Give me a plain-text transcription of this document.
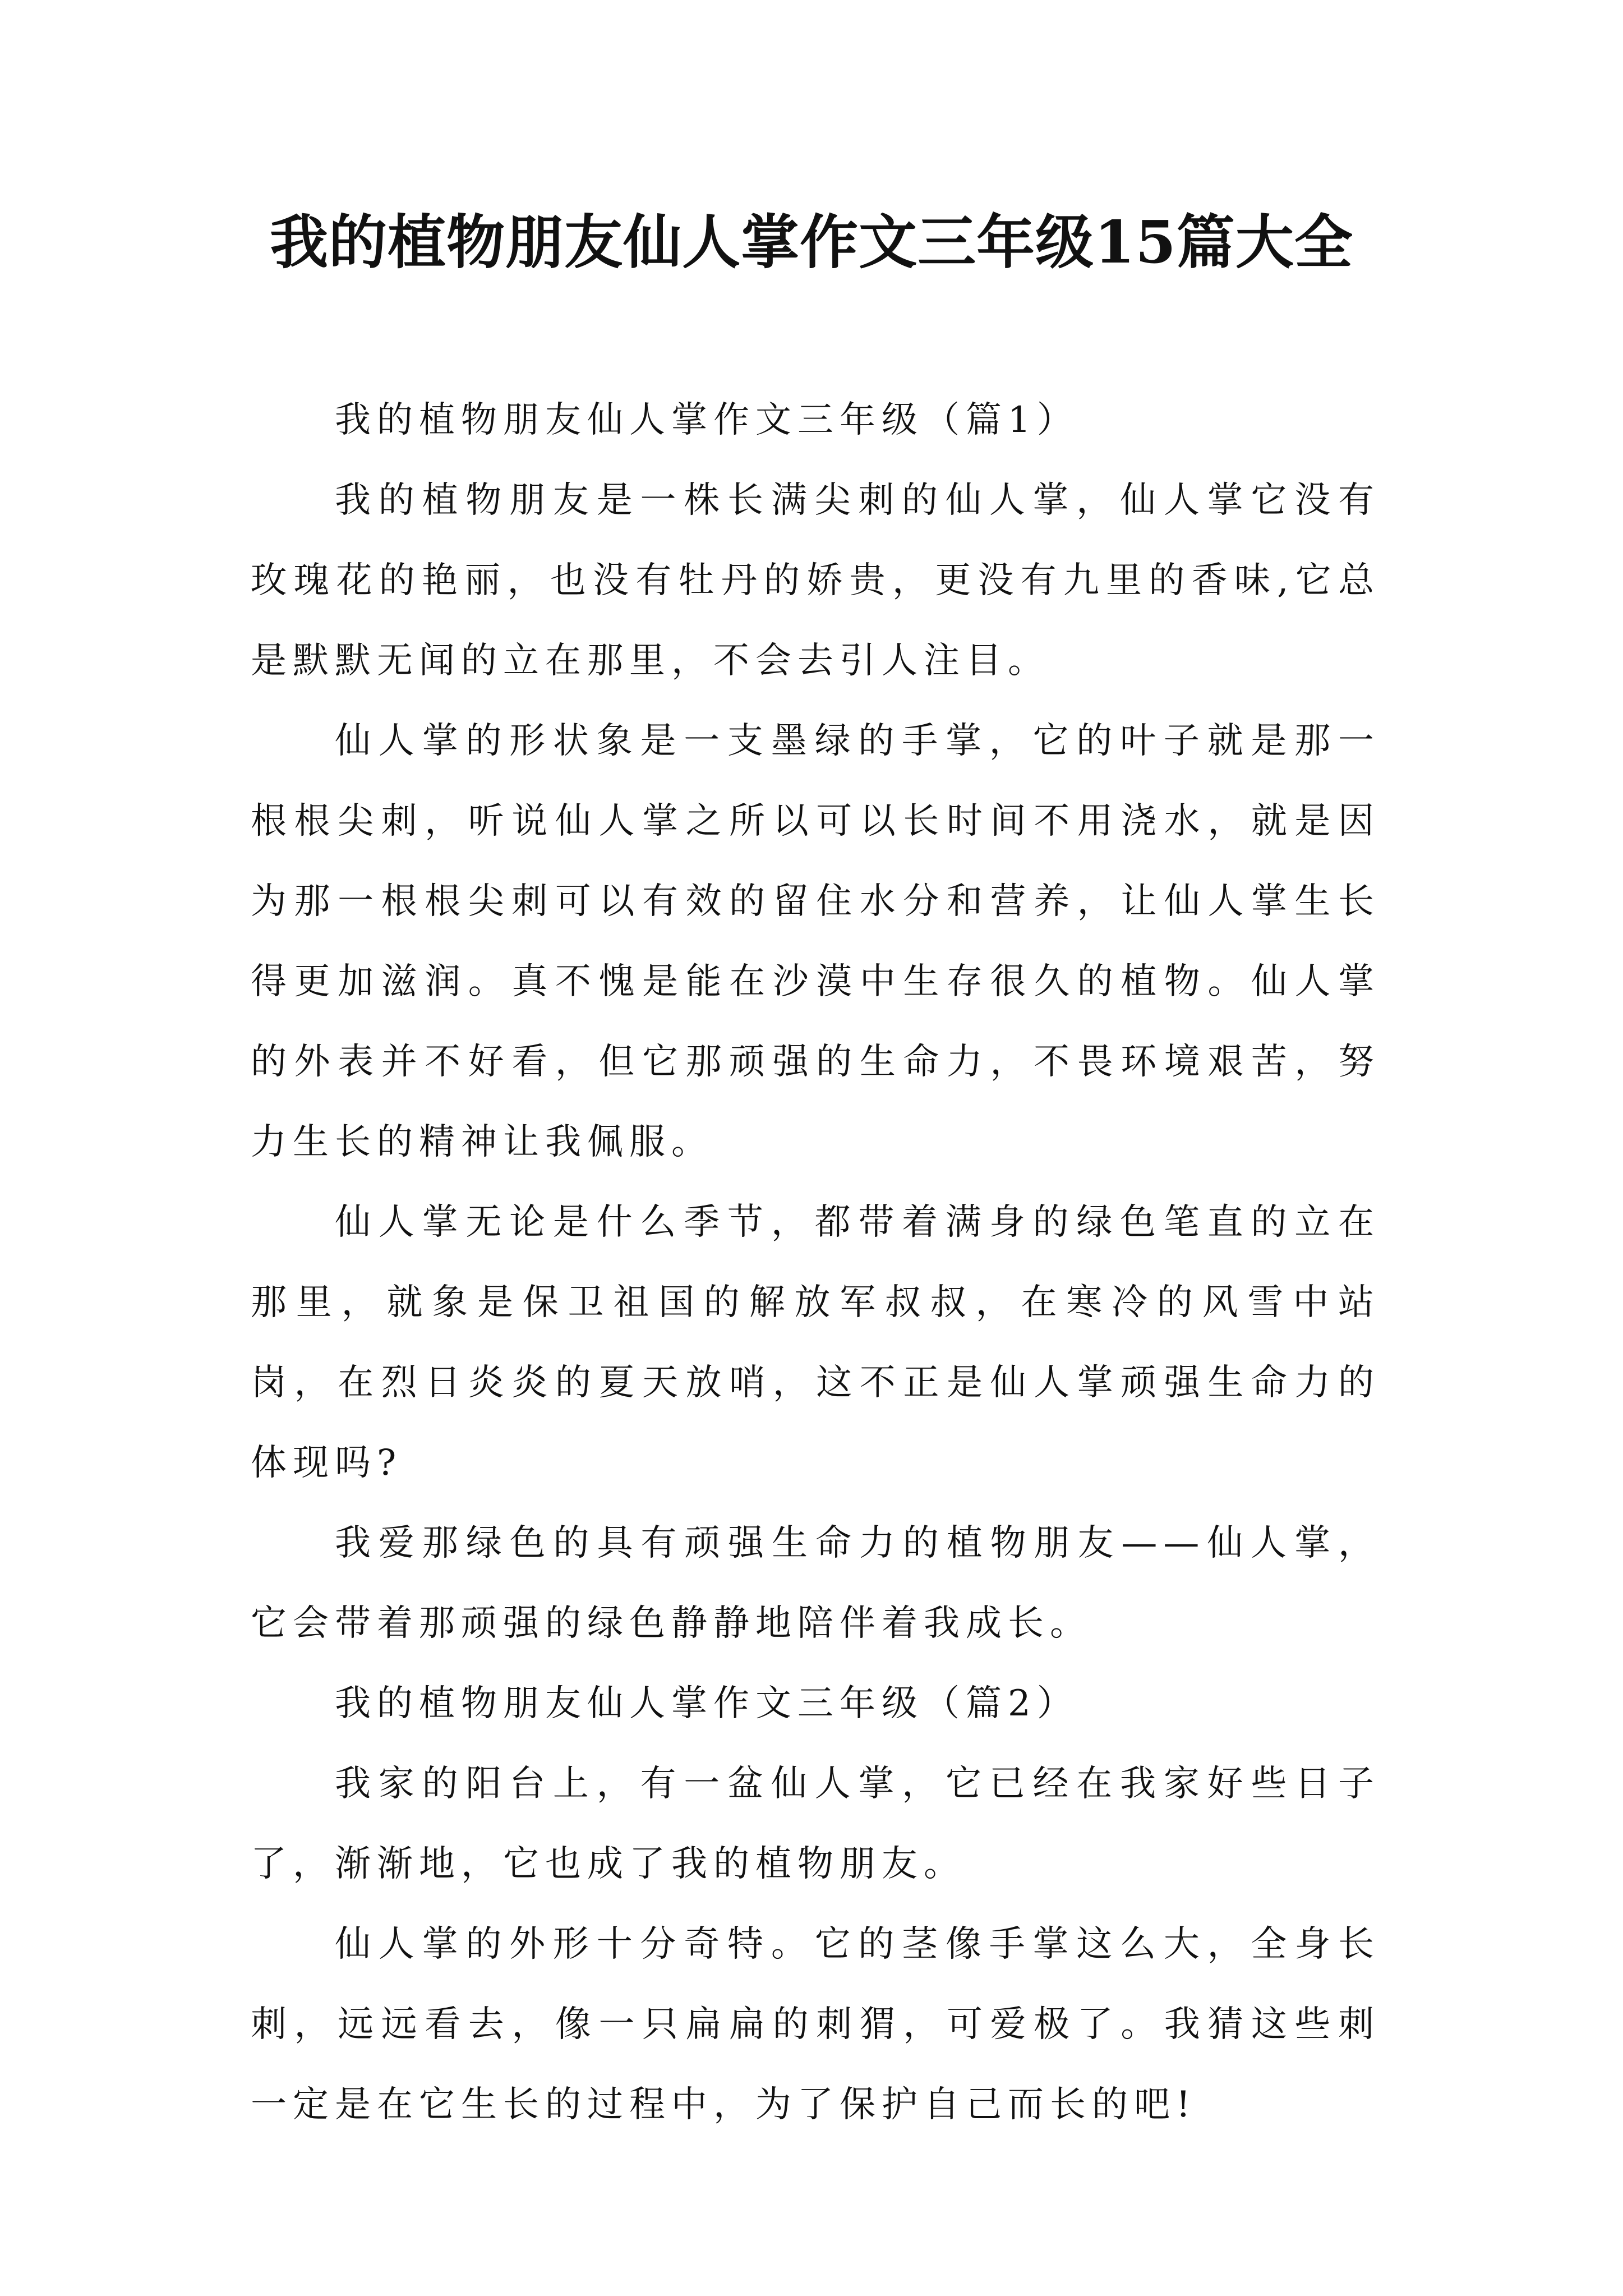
我的植物朋友仙人掌作文三年级15篇大全

我的植物朋友仙人掌作文三年级（篇1）

我的植物朋友是一株长满尖刺的仙人掌，仙人掌它没有玫瑰花的艳丽，也没有牡丹的娇贵，更没有九里的香味,它总是默默无闻的立在那里，不会去引人注目。

仙人掌的形状象是一支墨绿的手掌，它的叶子就是那一根根尖刺，听说仙人掌之所以可以长时间不用浇水，就是因为那一根根尖刺可以有效的留住水分和营养，让仙人掌生长得更加滋润。真不愧是能在沙漠中生存很久的植物。仙人掌的外表并不好看，但它那顽强的生命力，不畏环境艰苦，努力生长的精神让我佩服。

仙人掌无论是什么季节，都带着满身的绿色笔直的立在那里，就象是保卫祖国的解放军叔叔，在寒冷的风雪中站岗，在烈日炎炎的夏天放哨，这不正是仙人掌顽强生命力的体现吗?

我爱那绿色的具有顽强生命力的植物朋友——仙人掌，它会带着那顽强的绿色静静地陪伴着我成长。

我的植物朋友仙人掌作文三年级（篇2）

我家的阳台上，有一盆仙人掌，它已经在我家好些日子了，渐渐地，它也成了我的植物朋友。

仙人掌的外形十分奇特。它的茎像手掌这么大，全身长刺，远远看去，像一只扁扁的刺猬，可爱极了。我猜这些刺一定是在它生长的过程中，为了保护自己而长的吧!
